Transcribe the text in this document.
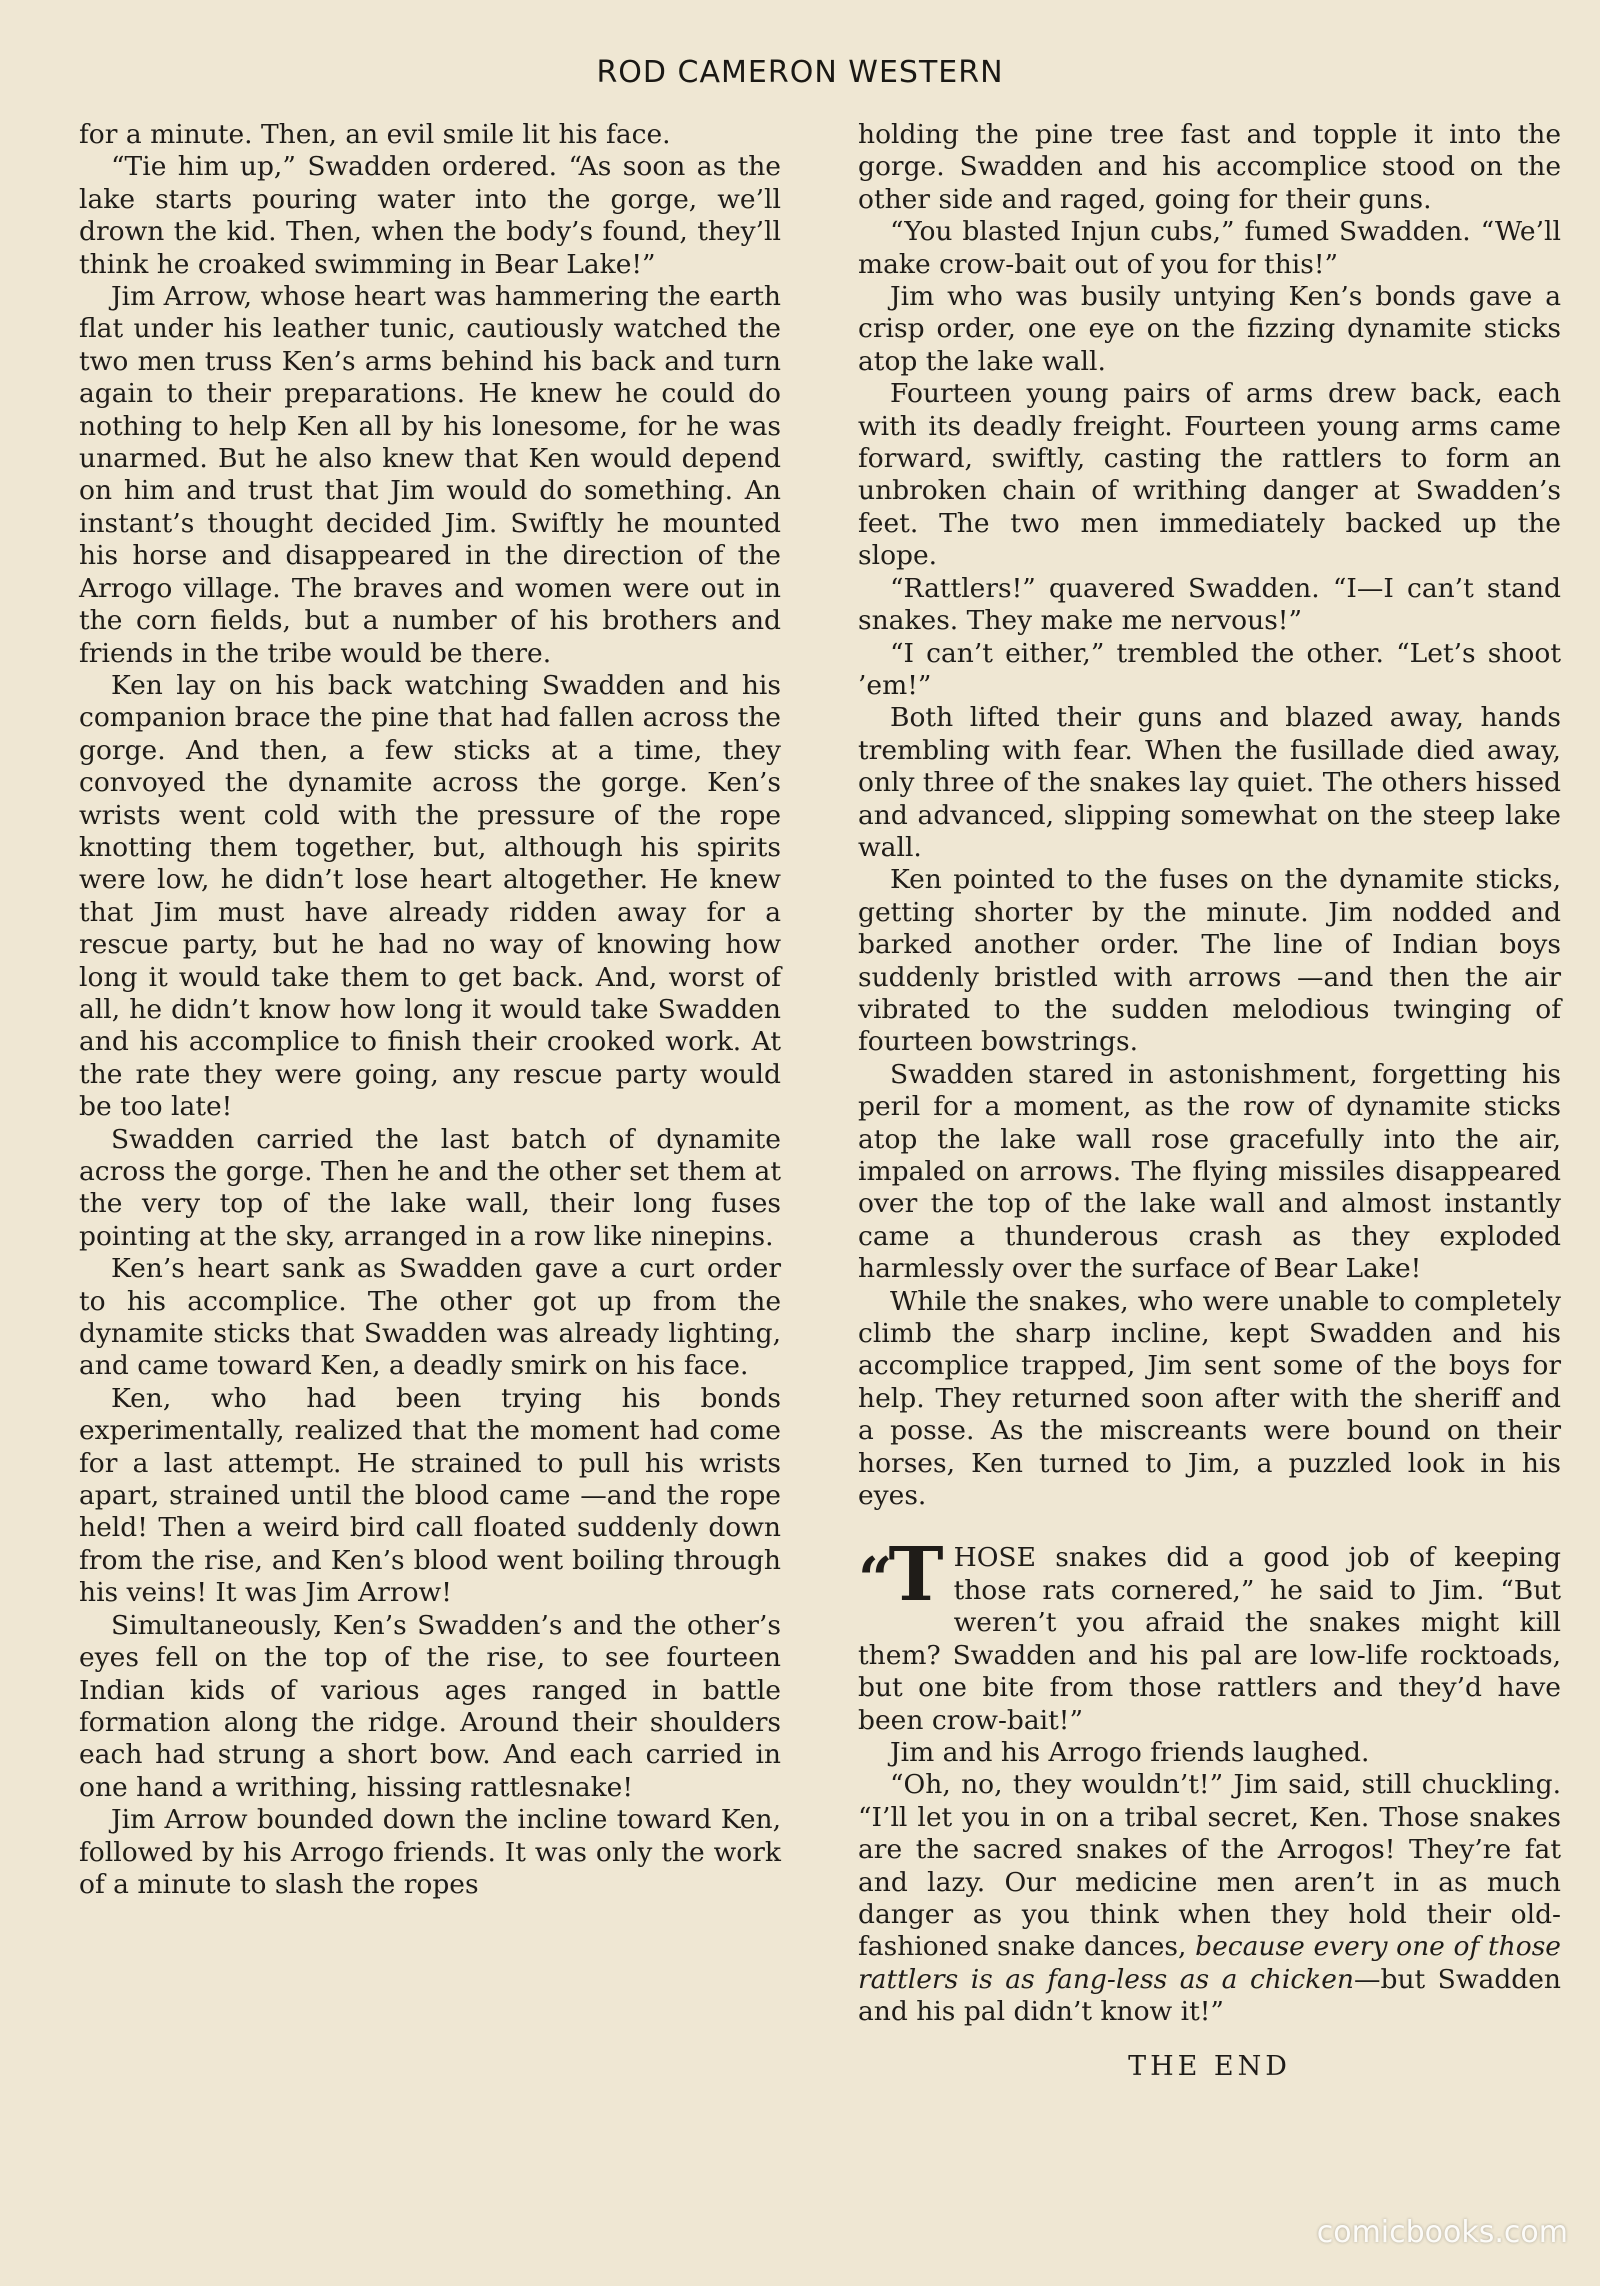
ROD CAMERON WESTERN

for a minute. Then, an evil smile lit his face.

“Tie him up,” Swadden ordered. “As soon as the lake starts pouring water into the gorge, we’ll drown the kid. Then, when the body’s found, they’ll think he croaked swimming in Bear Lake!”

Jim Arrow, whose heart was hammering the earth flat under his leather tunic, cautiously watched the two men truss Ken’s arms behind his back and turn again to their preparations. He knew he could do nothing to help Ken all by his lonesome, for he was unarmed. But he also knew that Ken would depend on him and trust that Jim would do something. An instant’s thought decided Jim. Swiftly he mounted his horse and disappeared in the direction of the Arrogo village. The braves and women were out in the corn fields, but a number of his brothers and friends in the tribe would be there.

Ken lay on his back watching Swadden and his companion brace the pine that had fallen across the gorge. And then, a few sticks at a time, they convoyed the dynamite across the gorge. Ken’s wrists went cold with the pressure of the rope knotting them together, but, although his spirits were low, he didn’t lose heart altogether. He knew that Jim must have already ridden away for a rescue party, but he had no way of knowing how long it would take them to get back. And, worst of all, he didn’t know how long it would take Swadden and his accomplice to finish their crooked work. At the rate they were going, any rescue party would be too late!

Swadden carried the last batch of dynamite across the gorge. Then he and the other set them at the very top of the lake wall, their long fuses pointing at the sky, arranged in a row like ninepins.

Ken’s heart sank as Swadden gave a curt order to his accomplice. The other got up from the dynamite sticks that Swadden was already lighting, and came toward Ken, a deadly smirk on his face.

Ken, who had been trying his bonds experimentally, realized that the moment had come for a last attempt. He strained to pull his wrists apart, strained until the blood came —and the rope held! Then a weird bird call floated suddenly down from the rise, and Ken’s blood went boiling through his veins! It was Jim Arrow!

Simultaneously, Ken’s Swadden’s and the other’s eyes fell on the top of the rise, to see fourteen Indian kids of various ages ranged in battle formation along the ridge. Around their shoulders each had strung a short bow. And each carried in one hand a writhing, hissing rattlesnake!

Jim Arrow bounded down the incline toward Ken, followed by his Arrogo friends. It was only the work of a minute to slash the ropes

holding the pine tree fast and topple it into the gorge. Swadden and his accomplice stood on the other side and raged, going for their guns.

“You blasted Injun cubs,” fumed Swadden. “We’ll make crow-bait out of you for this!”

Jim who was busily untying Ken’s bonds gave a crisp order, one eye on the fizzing dynamite sticks atop the lake wall.

Fourteen young pairs of arms drew back, each with its deadly freight. Fourteen young arms came forward, swiftly, casting the rattlers to form an unbroken chain of writhing danger at Swadden’s feet. The two men immediately backed up the slope.

“Rattlers!” quavered Swadden. “I—I can’t stand snakes. They make me nervous!”

“I can’t either,” trembled the other. “Let’s shoot ’em!”

Both lifted their guns and blazed away, hands trembling with fear. When the fusillade died away, only three of the snakes lay quiet. The others hissed and advanced, slipping somewhat on the steep lake wall.

Ken pointed to the fuses on the dynamite sticks, getting shorter by the minute. Jim nodded and barked another order. The line of Indian boys suddenly bristled with arrows —and then the air vibrated to the sudden melodious twinging of fourteen bowstrings.

Swadden stared in astonishment, forgetting his peril for a moment, as the row of dynamite sticks atop the lake wall rose gracefully into the air, impaled on arrows. The flying missiles disappeared over the top of the lake wall and almost instantly came a thunderous crash as they exploded harmlessly over the surface of Bear Lake!

While the snakes, who were unable to completely climb the sharp incline, kept Swadden and his accomplice trapped, Jim sent some of the boys for help. They returned soon after with the sheriff and a posse. As the miscreants were bound on their horses, Ken turned to Jim, a puzzled look in his eyes.

“T HOSE snakes did a good job of keeping those rats cornered,” he said to Jim. “But weren’t you afraid the snakes might kill them? Swadden and his pal are low-life rocktoads, but one bite from those rattlers and they’d have been crow-bait!”

Jim and his Arrogo friends laughed.

“Oh, no, they wouldn’t!” Jim said, still chuckling. “I’ll let you in on a tribal secret, Ken. Those snakes are the sacred snakes of the Arrogos! They’re fat and lazy. Our medicine men aren’t in as much danger as you think when they hold their old-fashioned snake dances, because every one of those rattlers is as fang-less as a chicken—but Swadden and his pal didn’t know it!”

THE END
comicbooks.com
